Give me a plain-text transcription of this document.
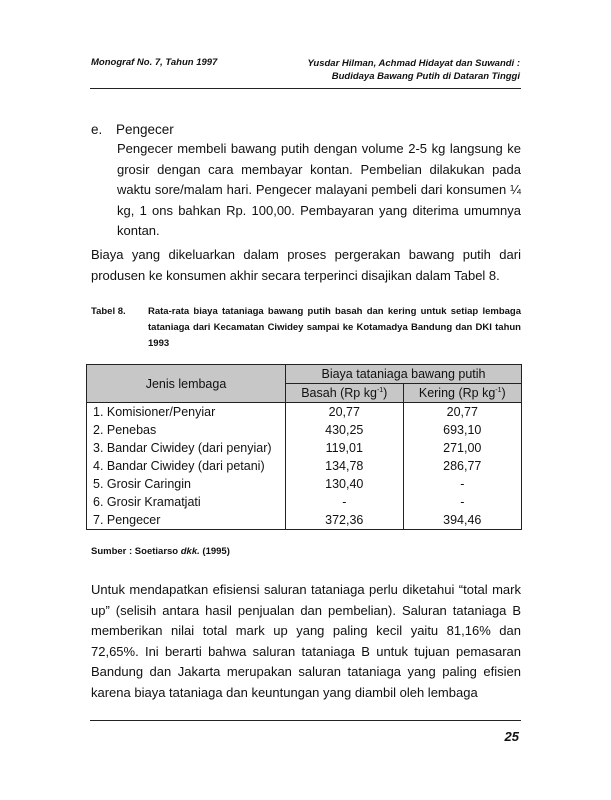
Monograf No. 7, Tahun 1997	Yusdar Hilman, Achmad Hidayat dan Suwandi :
Budidaya Bawang Putih di Dataran Tinggi
e. Pengecer
Pengecer membeli bawang putih dengan volume 2-5 kg langsung ke grosir dengan cara membayar kontan. Pembelian dilakukan pada waktu sore/malam hari. Pengecer malayani pembeli dari konsumen ¼ kg, 1 ons bahkan Rp. 100,00. Pembayaran yang diterima umumnya kontan.
Biaya yang dikeluarkan dalam proses pergerakan bawang putih dari produsen ke konsumen akhir secara terperinci disajikan dalam Tabel 8.
Tabel 8. Rata-rata biaya tataniaga bawang putih basah dan kering untuk setiap lembaga tataniaga dari Kecamatan Ciwidey sampai ke Kotamadya Bandung dan DKI tahun 1993
Jenis lembaga	Biaya tataniaga bawang putih	
	Basah (Rp $kg^{-1}$)	Kering (Rp $kg^{-1}$)
1. Komisioner/Penyiar	20,77	20,77
2. Penebas	430,25	693,10
3. Bandar Ciwidey (dari penyiar)	119,01	271,00
4. Bandar Ciwidey (dari petani)	134,78	286,77
5. Grosir Caringin	130,40	-
6. Grosir Kramatjati	-	-
7. Pengecer	372,36	394,46
Sumber : Soetiarso dkk. (1995)
Untuk mendapatkan efisiensi saluran tataniaga perlu diketahui “total mark up” (selisih antara hasil penjualan dan pembelian). Saluran tataniaga B memberikan nilai total mark up yang paling kecil yaitu 81,16% dan 72,65%. Ini berarti bahwa saluran tataniaga B untuk tujuan pemasaran Bandung dan Jakarta merupakan saluran tataniaga yang paling efisien karena biaya tataniaga dan keuntungan yang diambil oleh lembaga
25
